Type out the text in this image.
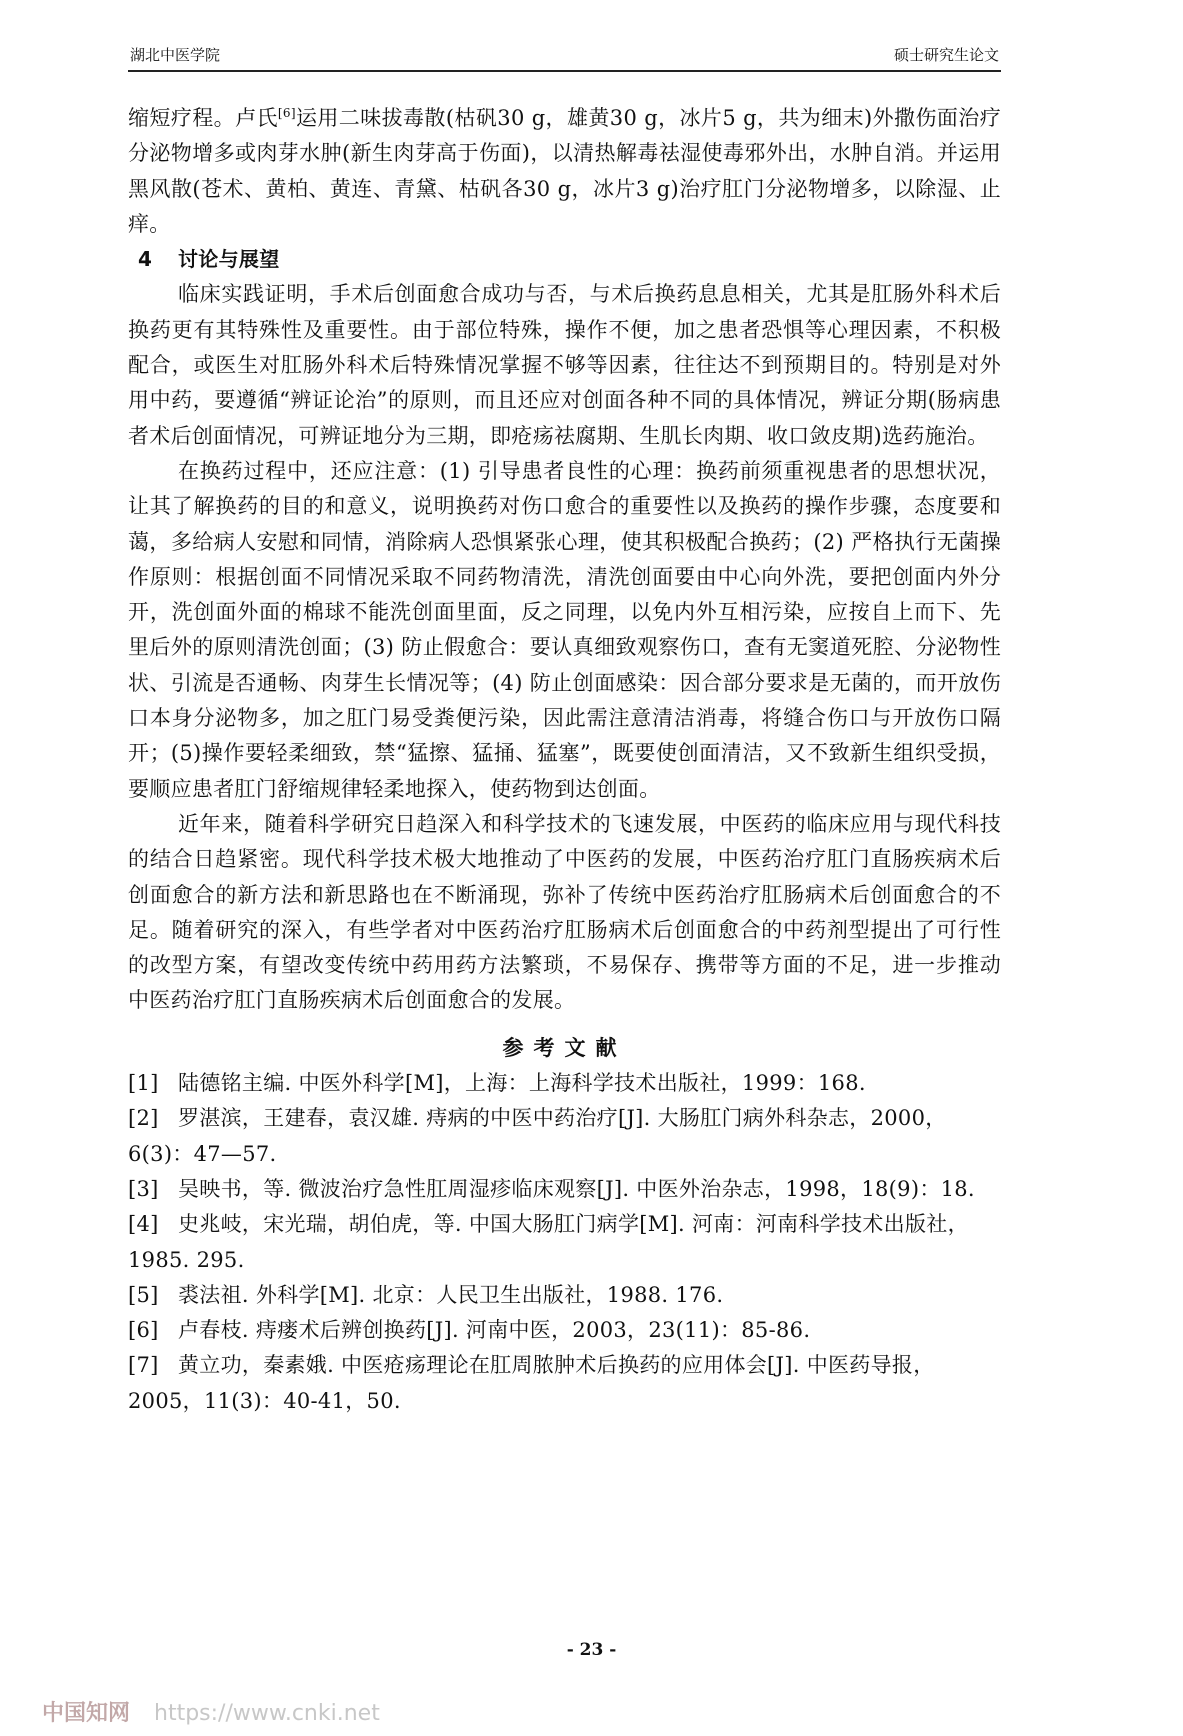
湖北中医学院	硕士研究生论文

缩短疗程。卢氏[6]运用二味拔毒散(枯矾30 g，雄黄30 g，冰片5 g，共为细末)外撒伤面治疗分泌物增多或肉芽水肿(新生肉芽高于伤面)，以清热解毒祛湿使毒邪外出，水肿自消。并运用黑风散(苍术、黄柏、黄连、青黛、枯矾各30 g，冰片3 g)治疗肛门分泌物增多，以除湿、止痒。

4 讨论与展望

临床实践证明，手术后创面愈合成功与否，与术后换药息息相关，尤其是肛肠外科术后换药更有其特殊性及重要性。由于部位特殊，操作不便，加之患者恐惧等心理因素，不积极配合，或医生对肛肠外科术后特殊情况掌握不够等因素，往往达不到预期目的。特别是对外用中药，要遵循“辨证论治”的原则，而且还应对创面各种不同的具体情况，辨证分期(肠病患者术后创面情况，可辨证地分为三期，即疮疡祛腐期、生肌长肉期、收口敛皮期)选药施治。

在换药过程中，还应注意：(1) 引导患者良性的心理：换药前须重视患者的思想状况，让其了解换药的目的和意义，说明换药对伤口愈合的重要性以及换药的操作步骤，态度要和蔼，多给病人安慰和同情，消除病人恐惧紧张心理，使其积极配合换药；(2) 严格执行无菌操作原则：根据创面不同情况采取不同药物清洗，清洗创面要由中心向外洗，要把创面内外分开，洗创面外面的棉球不能洗创面里面，反之同理，以免内外互相污染，应按自上而下、先里后外的原则清洗创面；(3) 防止假愈合：要认真细致观察伤口，查有无窦道死腔、分泌物性状、引流是否通畅、肉芽生长情况等；(4) 防止创面感染：因合部分要求是无菌的，而开放伤口本身分泌物多，加之肛门易受粪便污染，因此需注意清洁消毒，将缝合伤口与开放伤口隔开；(5)操作要轻柔细致，禁“猛擦、猛捅、猛塞”，既要使创面清洁，又不致新生组织受损，要顺应患者肛门舒缩规律轻柔地探入，使药物到达创面。

近年来，随着科学研究日趋深入和科学技术的飞速发展，中医药的临床应用与现代科技的结合日趋紧密。现代科学技术极大地推动了中医药的发展，中医药治疗肛门直肠疾病术后创面愈合的新方法和新思路也在不断涌现，弥补了传统中医药治疗肛肠病术后创面愈合的不足。随着研究的深入，有些学者对中医药治疗肛肠病术后创面愈合的中药剂型提出了可行性的改型方案，有望改变传统中药用药方法繁琐，不易保存、携带等方面的不足，进一步推动中医药治疗肛门直肠疾病术后创面愈合的发展。

参考文献

[1] 陆德铭主编. 中医外科学[M]，上海：上海科学技术出版社，1999：168.

[2] 罗湛滨，王建春，袁汉雄. 痔病的中医中药治疗[J]. 大肠肛门病外科杂志，2000，6(3)：47—57.

[3] 吴映书，等. 微波治疗急性肛周湿疹临床观察[J]. 中医外治杂志，1998，18(9)：18.

[4] 史兆岐，宋光瑞，胡伯虎，等. 中国大肠肛门病学[M]. 河南：河南科学技术出版社，1985. 295.

[5] 裘法祖. 外科学[M]. 北京：人民卫生出版社，1988. 176.

[6] 卢春枝. 痔瘘术后辨创换药[J]. 河南中医，2003，23(11)：85-86.

[7] 黄立功，秦素娥. 中医疮疡理论在肛周脓肿术后换药的应用体会[J]. 中医药导报，2005，11(3)：40-41，50.

- 23 -
中国知网 https://www.cnki.net
